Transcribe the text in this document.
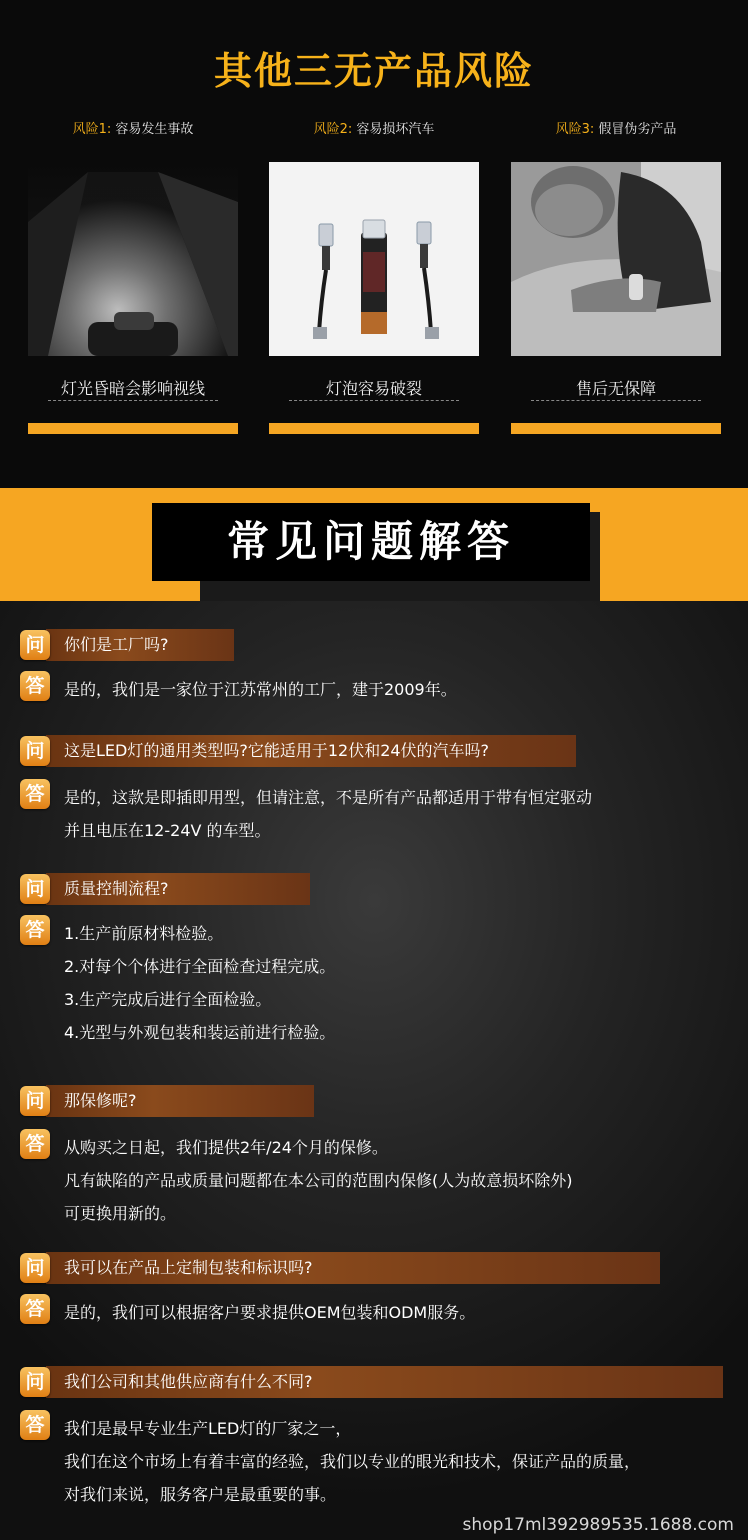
其他三无产品风险
风险1: 容易发生事故
灯光昏暗会影响视线
风险2: 容易损坏汽车
灯泡容易破裂
风险3: 假冒伪劣产品
售后无保障
常见问题解答
问	你们是工厂吗?
答	是的，我们是一家位于江苏常州的工厂，建于2009年。
问	这是LED灯的通用类型吗?它能适用于12伏和24伏的汽车吗?
答	是的，这款是即插即用型，但请注意，不是所有产品都适用于带有恒定驱动
并且电压在12-24V 的车型。
问	质量控制流程?
答	1.生产前原材料检验。
2.对每个个体进行全面检查过程完成。
3.生产完成后进行全面检验。
4.光型与外观包装和装运前进行检验。
问	那保修呢?
答	从购买之日起，我们提供2年/24个月的保修。
凡有缺陷的产品或质量问题都在本公司的范围内保修(人为故意损坏除外)
可更换用新的。
问	我可以在产品上定制包装和标识吗?
答	是的，我们可以根据客户要求提供OEM包装和ODM服务。
问	我们公司和其他供应商有什么不同?
答	我们是最早专业生产LED灯的厂家之一，
我们在这个市场上有着丰富的经验，我们以专业的眼光和技术，保证产品的质量，
对我们来说，服务客户是最重要的事。
shop17ml392989535.1688.com
